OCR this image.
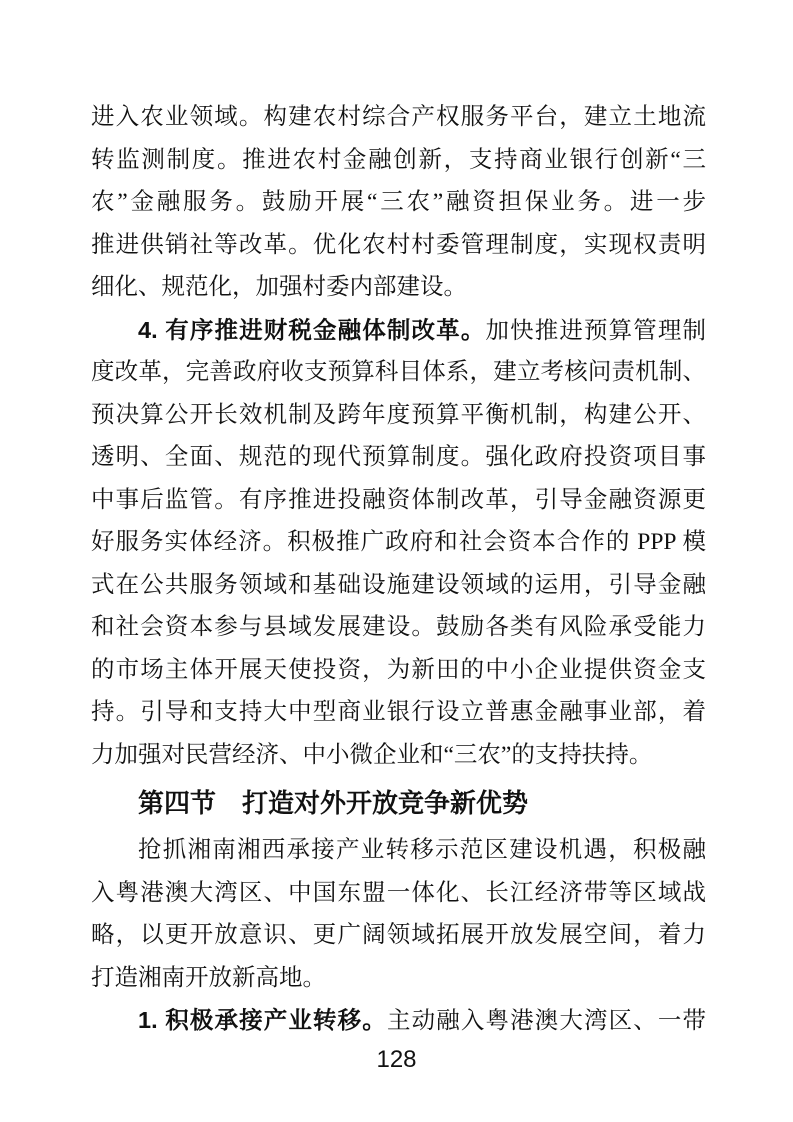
进入农业领域。构建农村综合产权服务平台，建立土地流
转监测制度。推进农村金融创新，支持商业银行创新“三
农”金融服务。鼓励开展“三农”融资担保业务。进一步
推进供销社等改革。优化农村村委管理制度，实现权责明
细化、规范化，加强村委内部建设。
4. 有序推进财税金融体制改革。加快推进预算管理制
度改革，完善政府收支预算科目体系，建立考核问责机制、
预决算公开长效机制及跨年度预算平衡机制，构建公开、
透明、全面、规范的现代预算制度。强化政府投资项目事
中事后监管。有序推进投融资体制改革，引导金融资源更
好服务实体经济。积极推广政府和社会资本合作的 PPP 模
式在公共服务领域和基础设施建设领域的运用，引导金融
和社会资本参与县域发展建设。鼓励各类有风险承受能力
的市场主体开展天使投资，为新田的中小企业提供资金支
持。引导和支持大中型商业银行设立普惠金融事业部，着
力加强对民营经济、中小微企业和“三农”的支持扶持。
第四节　打造对外开放竞争新优势
抢抓湘南湘西承接产业转移示范区建设机遇，积极融
入粤港澳大湾区、中国东盟一体化、长江经济带等区域战
略，以更开放意识、更广阔领域拓展开放发展空间，着力
打造湘南开放新高地。
1. 积极承接产业转移。主动融入粤港澳大湾区、一带
128
